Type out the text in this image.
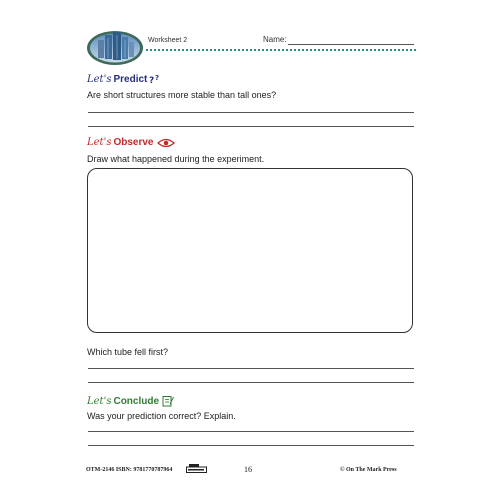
Worksheet 2	Name:
Let's Predict ? ?
Are short structures more stable than tall ones?
Let's Observe
Draw what happened during the experiment.
Which tube fell first?
Let's Conclude
Was your prediction correct? Explain.
OTM-2146 ISBN: 9781770787964	16	© On The Mark Press
